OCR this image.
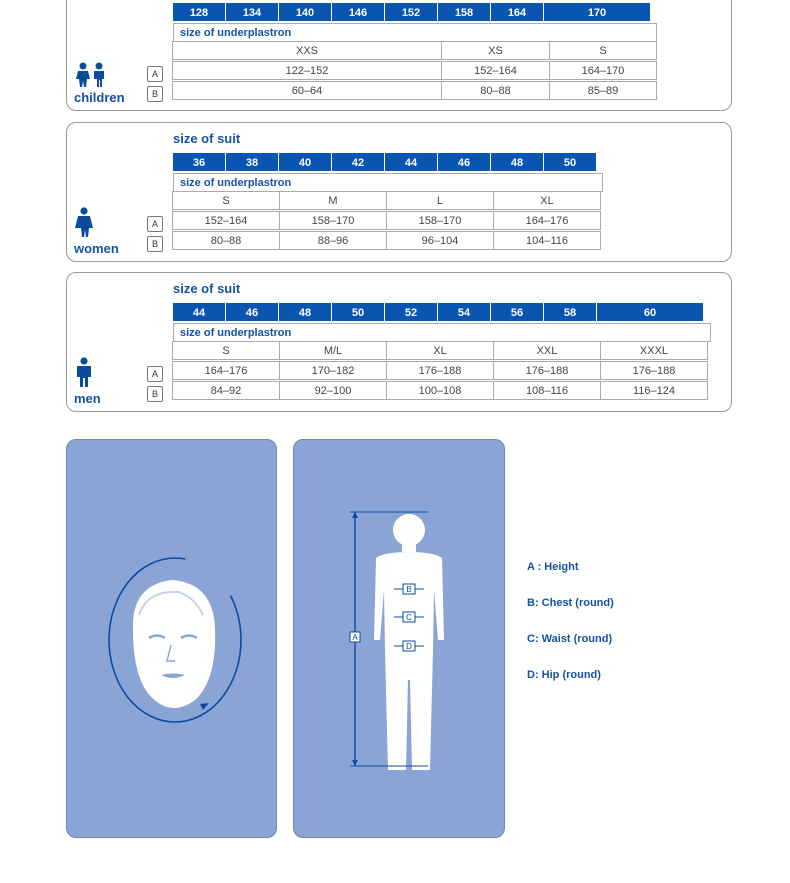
128	134	140	146	152	158	164	170
size of underplastron
XXS	XS	S
A	122–152	152–164	164–170
B	60–64	80–88	85–89
children
size of suit
36	38	40	42	44	46	48	50
size of underplastron
S	M	L	XL
A	152–164	158–170	158–170	164–176
B	80–88	88–96	96–104	104–116
women
size of suit
44	46	48	50	52	54	56	58	60
size of underplastron
S	M/L	XL	XXL	XXXL
A	164–176	170–182	176–188	176–188	176–188
B	84–92	92–100	100–108	108–116	116–124
men
A
B
C
D
A : Height
B: Chest (round)
C: Waist (round)
D: Hip (round)
